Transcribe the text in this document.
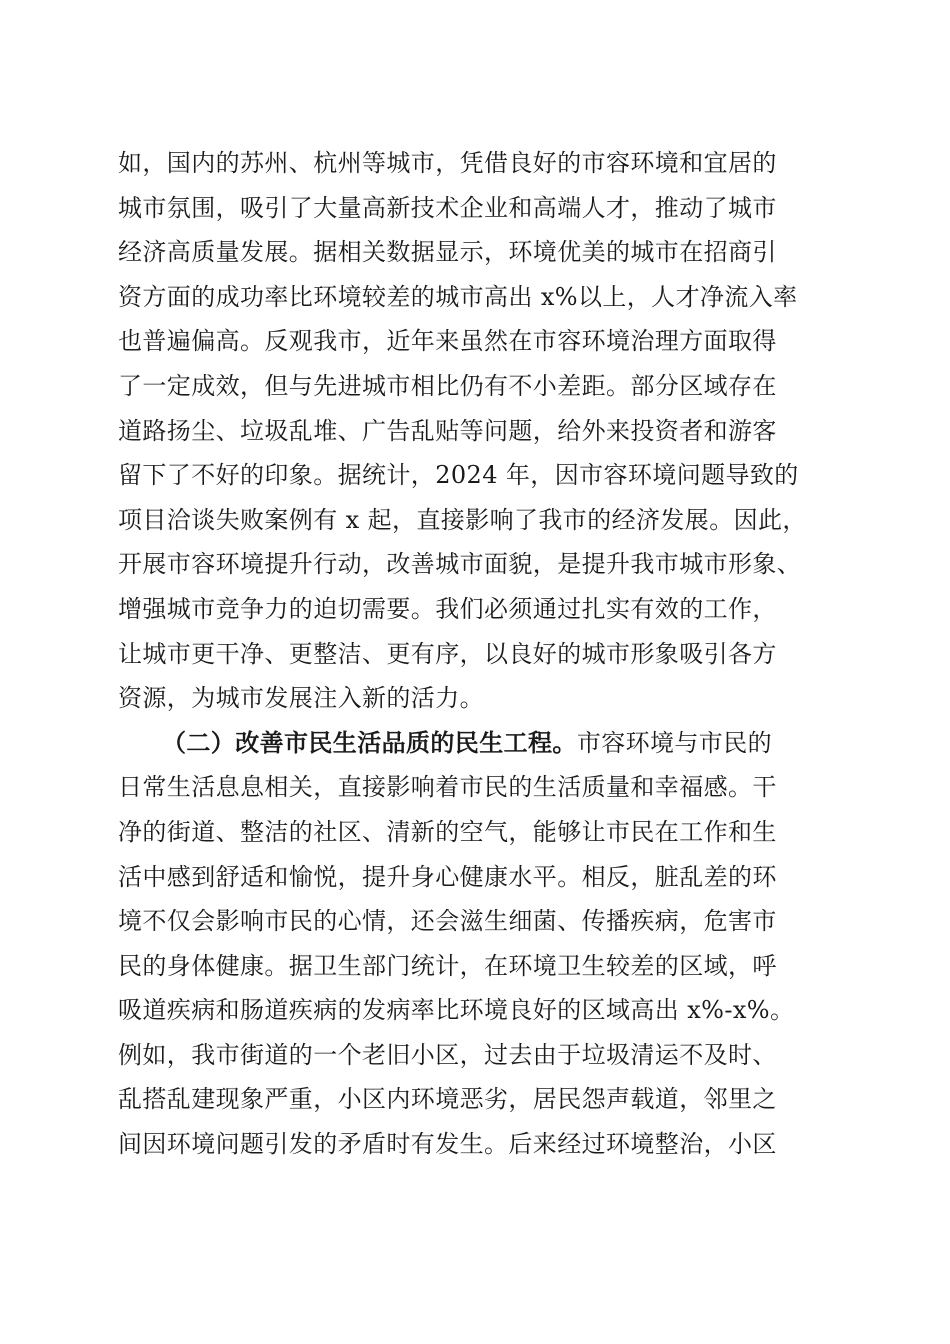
如，国内的苏州、杭州等城市，凭借良好的市容环境和宜居的
城市氛围，吸引了大量高新技术企业和高端人才，推动了城市
经济高质量发展。据相关数据显示，环境优美的城市在招商引
资方面的成功率比环境较差的城市高出 x%以上，人才净流入率
也普遍偏高。反观我市，近年来虽然在市容环境治理方面取得
了一定成效，但与先进城市相比仍有不小差距。部分区域存在
道路扬尘、垃圾乱堆、广告乱贴等问题，给外来投资者和游客
留下了不好的印象。据统计，2024 年，因市容环境问题导致的
项目洽谈失败案例有 x 起，直接影响了我市的经济发展。因此，
开展市容环境提升行动，改善城市面貌，是提升我市城市形象、
增强城市竞争力的迫切需要。我们必须通过扎实有效的工作，
让城市更干净、更整洁、更有序，以良好的城市形象吸引各方
资源，为城市发展注入新的活力。
（二）改善市民生活品质的民生工程。市容环境与市民的
日常生活息息相关，直接影响着市民的生活质量和幸福感。干
净的街道、整洁的社区、清新的空气，能够让市民在工作和生
活中感到舒适和愉悦，提升身心健康水平。相反，脏乱差的环
境不仅会影响市民的心情，还会滋生细菌、传播疾病，危害市
民的身体健康。据卫生部门统计，在环境卫生较差的区域，呼
吸道疾病和肠道疾病的发病率比环境良好的区域高出 x%-x%。
例如，我市街道的一个老旧小区，过去由于垃圾清运不及时、
乱搭乱建现象严重，小区内环境恶劣，居民怨声载道，邻里之
间因环境问题引发的矛盾时有发生。后来经过环境整治，小区
